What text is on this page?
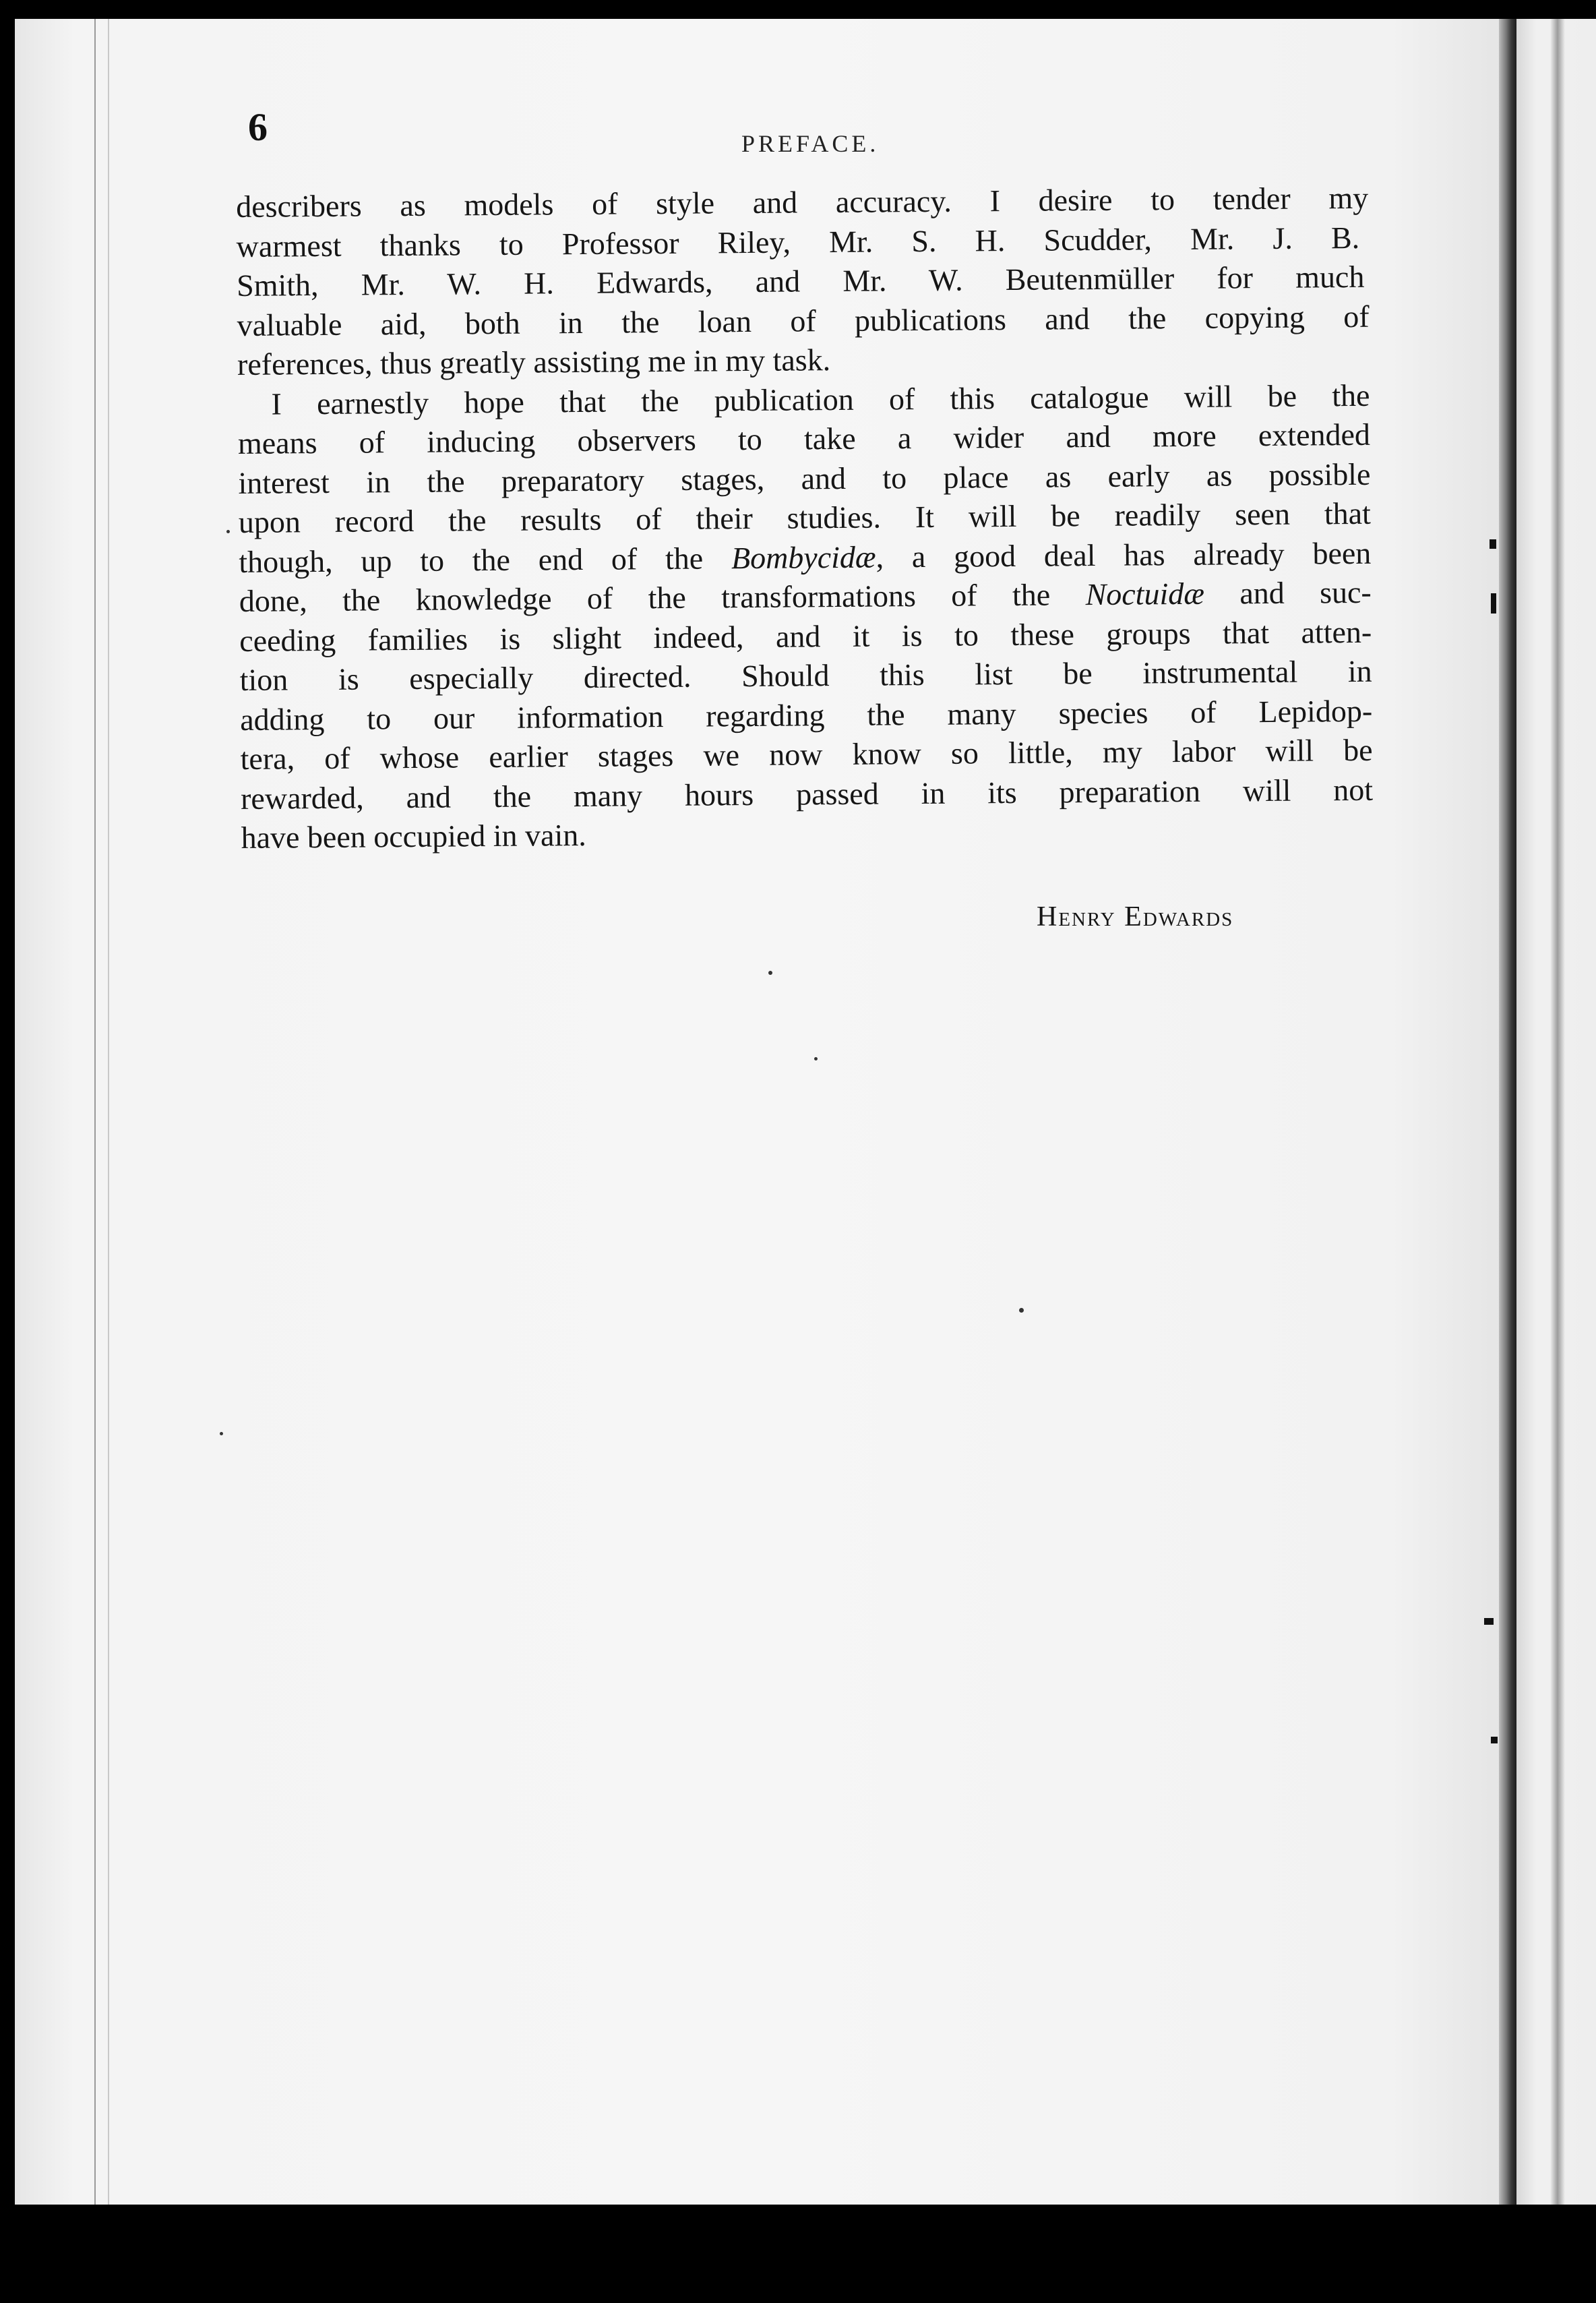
6	PREFACE.
describers as models of style and accuracy. I desire to tender my
warmest thanks to Professor Riley, Mr. S. H. Scudder, Mr. J. B.
Smith, Mr. W. H. Edwards, and Mr. W. Beutenmüller for much
valuable aid, both in the loan of publications and the copying of
references, thus greatly assisting me in my task.
I earnestly hope that the publication of this catalogue will be the
means of inducing observers to take a wider and more extended
interest in the preparatory stages, and to place as early as possible
upon record the results of their studies. It will be readily seen that
though, up to the end of the Bombycidæ, a good deal has already been
done, the knowledge of the transformations of the Noctuidæ and suc-
ceeding families is slight indeed, and it is to these groups that atten-
tion is especially directed. Should this list be instrumental in
adding to our information regarding the many species of Lepidop-
tera, of whose earlier stages we now know so little, my labor will be
rewarded, and the many hours passed in its preparation will not
have been occupied in vain.
Henry Edwards
